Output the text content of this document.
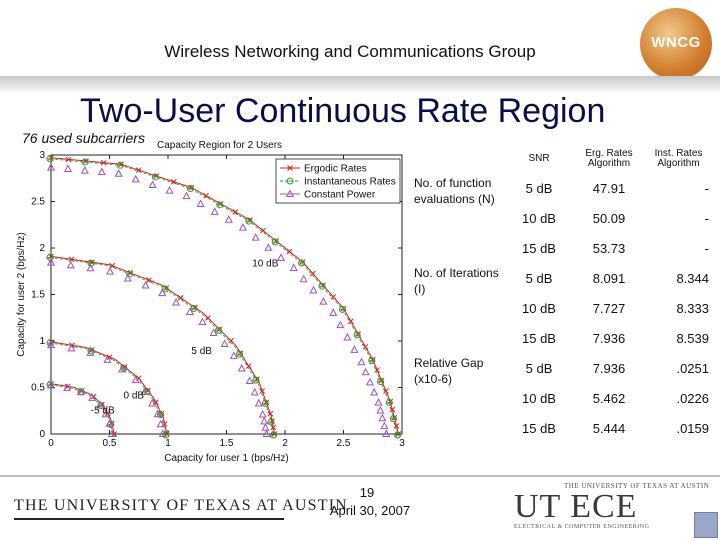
Wireless Networking and Communications Group	WNCG
Two-User Continuous Rate Region
76 used subcarriers Capacity Region for 2 Users
0	0.5	1	1.5	2	2.5	3
0
0.5
1
1.5
2
2.5
3
Capacity for user 1 (bps/Hz)
Capacity for user 2 (bps/Hz)
-5 dB
0 dB
5 dB
10 dB
Ergodic Rates
Instantaneous Rates
Constant Power
	SNR	Erg. Rates Algorithm	Inst. Rates Algorithm
No. of function evaluations (N)	5 dB	47.91	-
	10 dB	50.09	-
	15 dB	53.73	-
No. of Iterations (I)	5 dB	8.091	8.344
	10 dB	7.727	8.333
	15 dB	7.936	8.539
Relative Gap (x10-6)	5 dB	7.936	.0251
	10 dB	5.462	.0226
	15 dB	5.444	.0159
THE UNIVERSITY OF TEXAS AT AUSTIN
19
April 30, 2007
THE UNIVERSITY OF TEXAS AT AUSTIN
UT ECE
ELECTRICAL & COMPUTER ENGINEERING
